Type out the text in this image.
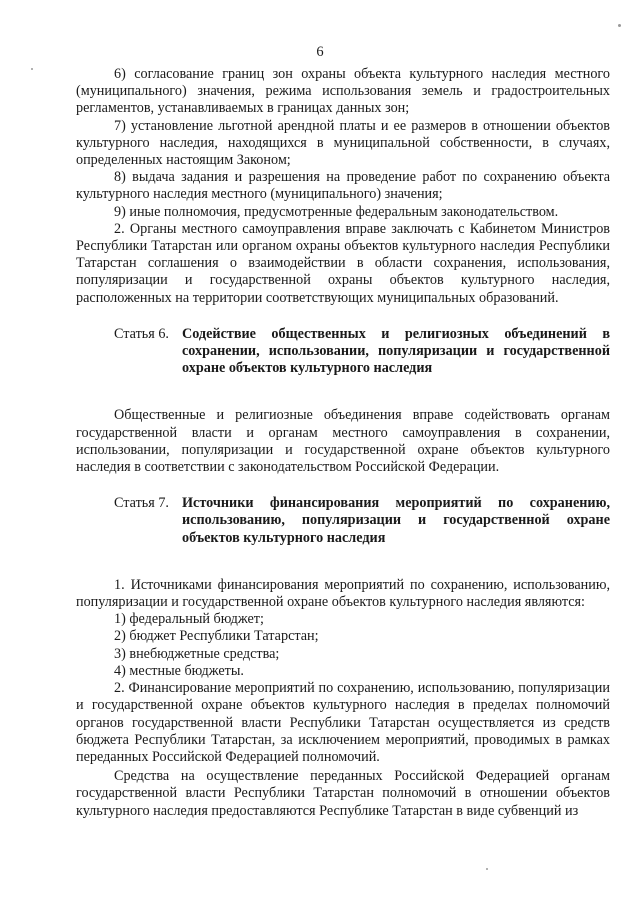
6

6) согласование границ зон охраны объекта культурного наследия местного (муниципального) значения, режима использования земель и градостроительных регламентов, устанавливаемых в границах данных зон;

7) установление льготной арендной платы и ее размеров в отношении объектов культурного наследия, находящихся в муниципальной собственности, в случаях, определенных настоящим Законом;

8) выдача задания и разрешения на проведение работ по сохранению объекта культурного наследия местного (муниципального) значения;

9) иные полномочия, предусмотренные федеральным законодательством.

2. Органы местного самоуправления вправе заключать с Кабинетом Министров Республики Татарстан или органом охраны объектов культурного наследия Республики Татарстан соглашения о взаимодействии в области сохранения, использования, популяризации и государственной охраны объектов культурного наследия, расположенных на территории соответствующих муниципальных образований.

Статья 6. Содействие общественных и религиозных объединений в сохранении, использовании, популяризации и государственной охране объектов культурного наследия

Общественные и религиозные объединения вправе содействовать органам государственной власти и органам местного самоуправления в сохранении, использовании, популяризации и государственной охране объектов культурного наследия в соответствии с законодательством Российской Федерации.

Статья 7. Источники финансирования мероприятий по сохранению, использованию, популяризации и государственной охране объектов культурного наследия

1. Источниками финансирования мероприятий по сохранению, использованию, популяризации и государственной охране объектов культурного наследия являются:

1) федеральный бюджет;

2) бюджет Республики Татарстан;

3) внебюджетные средства;

4) местные бюджеты.

2. Финансирование мероприятий по сохранению, использованию, популяризации и государственной охране объектов культурного наследия в пределах полномочий органов государственной власти Республики Татарстан осуществляется из средств бюджета Республики Татарстан, за исключением мероприятий, проводимых в рамках переданных Российской Федерацией полномочий.

Средства на осуществление переданных Российской Федерацией органам государственной власти Республики Татарстан полномочий в отношении объектов культурного наследия предоставляются Республике Татарстан в виде субвенций из
